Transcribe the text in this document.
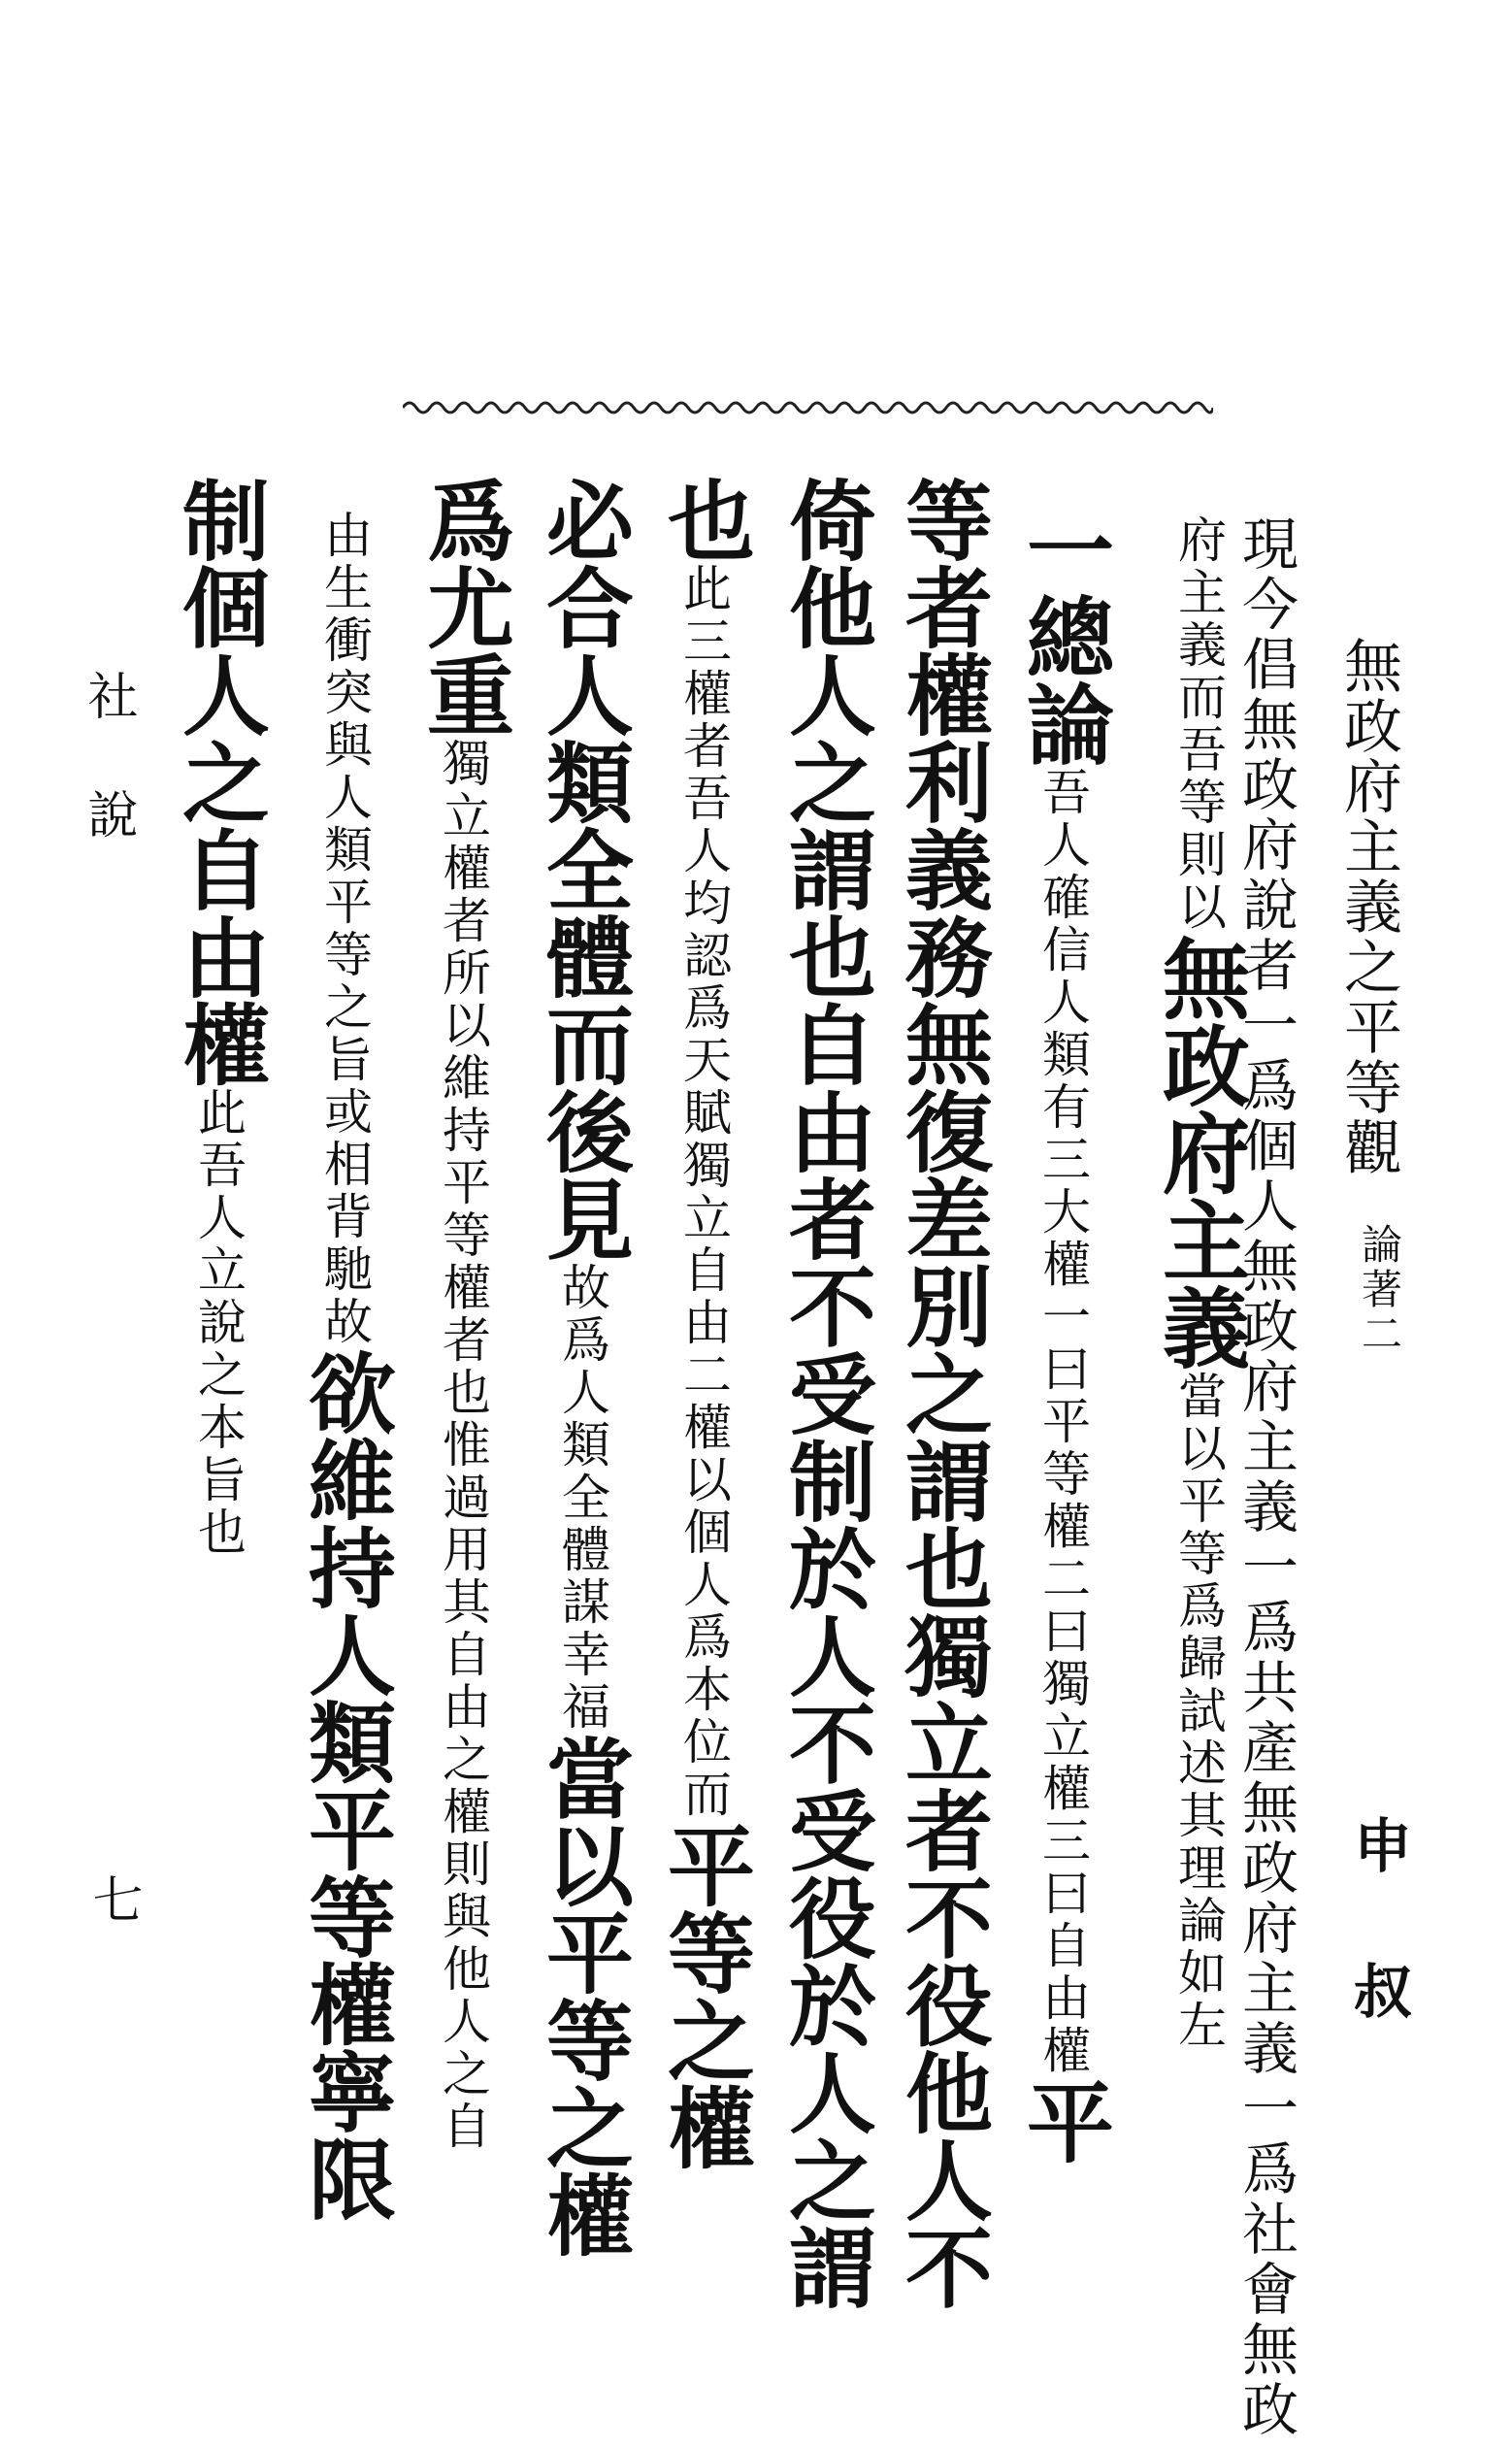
無政府主義之平等觀
論著二
申叔
現今倡無政府說者一爲個人無政府主義一爲共產無政府主義一爲社會無政
府主義而吾等則以無政府主義當以平等爲歸試述其理論如左
一總論吾人確信人類有三大權一曰平等權二曰獨立權三曰自由權平
等者權利義務無復差別之謂也獨立者不役他人不
倚他人之謂也自由者不受制於人不受役於人之謂
也此三權者吾人均認爲天賦獨立自由二權以個人爲本位而平等之權
必合人類全體而後見故爲人類全體謀幸福當以平等之權
爲尤重獨立權者所以維持平等權者也惟過用其自由之權則與他人之自
由生衝突與人類平等之旨或相背馳故欲維持人類平等權寧限
制個人之自由權此吾人立說之本旨也
社說
七
